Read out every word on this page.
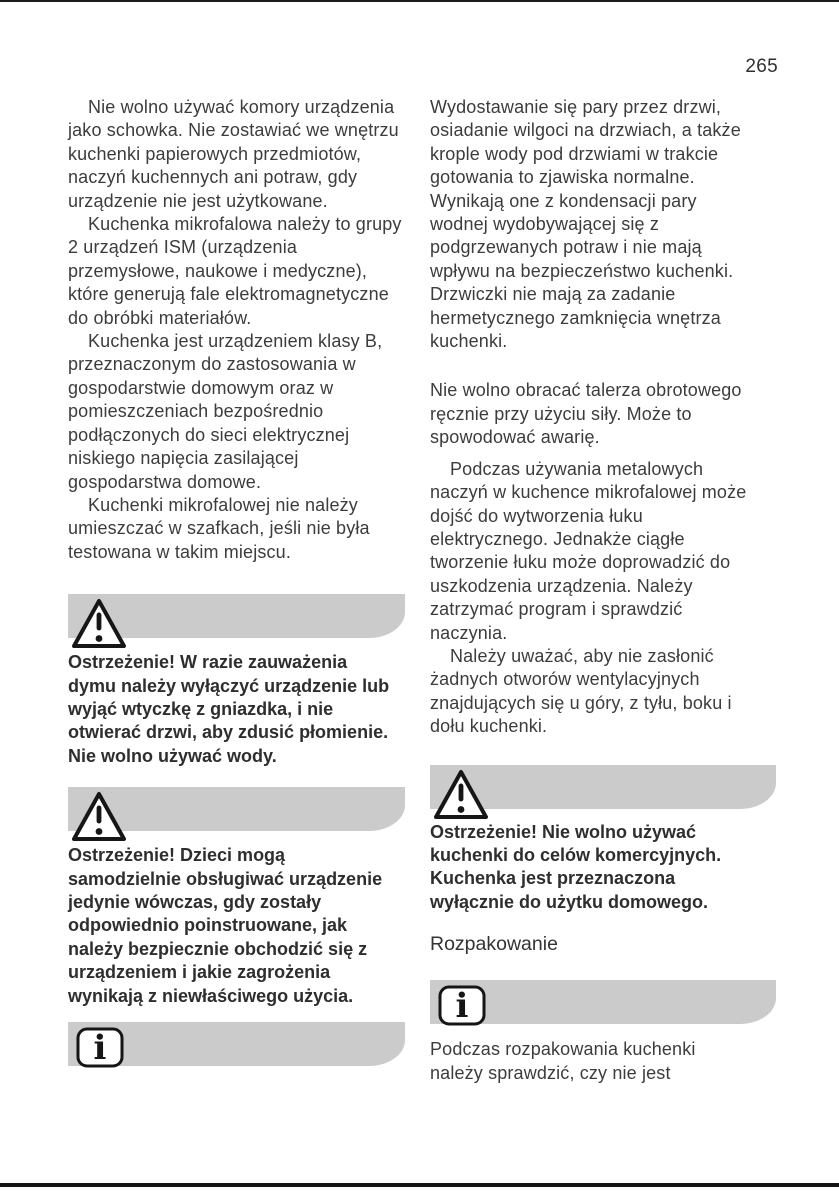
265
Nie wolno używać komory urządzenia
jako schowka. Nie zostawiać we wnętrzu
kuchenki papierowych przedmiotów,
naczyń kuchennych ani potraw, gdy
urządzenie nie jest użytkowane.
Kuchenka mikrofalowa należy to grupy
2 urządzeń ISM (urządzenia
przemysłowe, naukowe i medyczne),
które generują fale elektromagnetyczne
do obróbki materiałów.
Kuchenka jest urządzeniem klasy B,
przeznaczonym do zastosowania w
gospodarstwie domowym oraz w
pomieszczeniach bezpośrednio
podłączonych do sieci elektrycznej
niskiego napięcia zasilającej
gospodarstwa domowe.
Kuchenki mikrofalowej nie należy
umieszczać w szafkach, jeśli nie była
testowana w takim miejscu.
Ostrzeżenie! W razie zauważenia
dymu należy wyłączyć urządzenie lub
wyjąć wtyczkę z gniazdka, i nie
otwierać drzwi, aby zdusić płomienie.
Nie wolno używać wody.
Ostrzeżenie! Dzieci mogą
samodzielnie obsługiwać urządzenie
jedynie wówczas, gdy zostały
odpowiednio poinstruowane, jak
należy bezpiecznie obchodzić się z
urządzeniem i jakie zagrożenia
wynikają z niewłaściwego użycia.
i
Wydostawanie się pary przez drzwi,
osiadanie wilgoci na drzwiach, a także
krople wody pod drzwiami w trakcie
gotowania to zjawiska normalne.
Wynikają one z kondensacji pary
wodnej wydobywającej się z
podgrzewanych potraw i nie mają
wpływu na bezpieczeństwo kuchenki.
Drzwiczki nie mają za zadanie
hermetycznego zamknięcia wnętrza
kuchenki.
Nie wolno obracać talerza obrotowego
ręcznie przy użyciu siły. Może to
spowodować awarię.
Podczas używania metalowych
naczyń w kuchence mikrofalowej może
dojść do wytworzenia łuku
elektrycznego. Jednakże ciągłe
tworzenie łuku może doprowadzić do
uszkodzenia urządzenia. Należy
zatrzymać program i sprawdzić
naczynia.
Należy uważać, aby nie zasłonić
żadnych otworów wentylacyjnych
znajdujących się u góry, z tyłu, boku i
dołu kuchenki.
Ostrzeżenie! Nie wolno używać
kuchenki do celów komercyjnych.
Kuchenka jest przeznaczona
wyłącznie do użytku domowego.
Rozpakowanie
i
Podczas rozpakowania kuchenki
należy sprawdzić, czy nie jest
